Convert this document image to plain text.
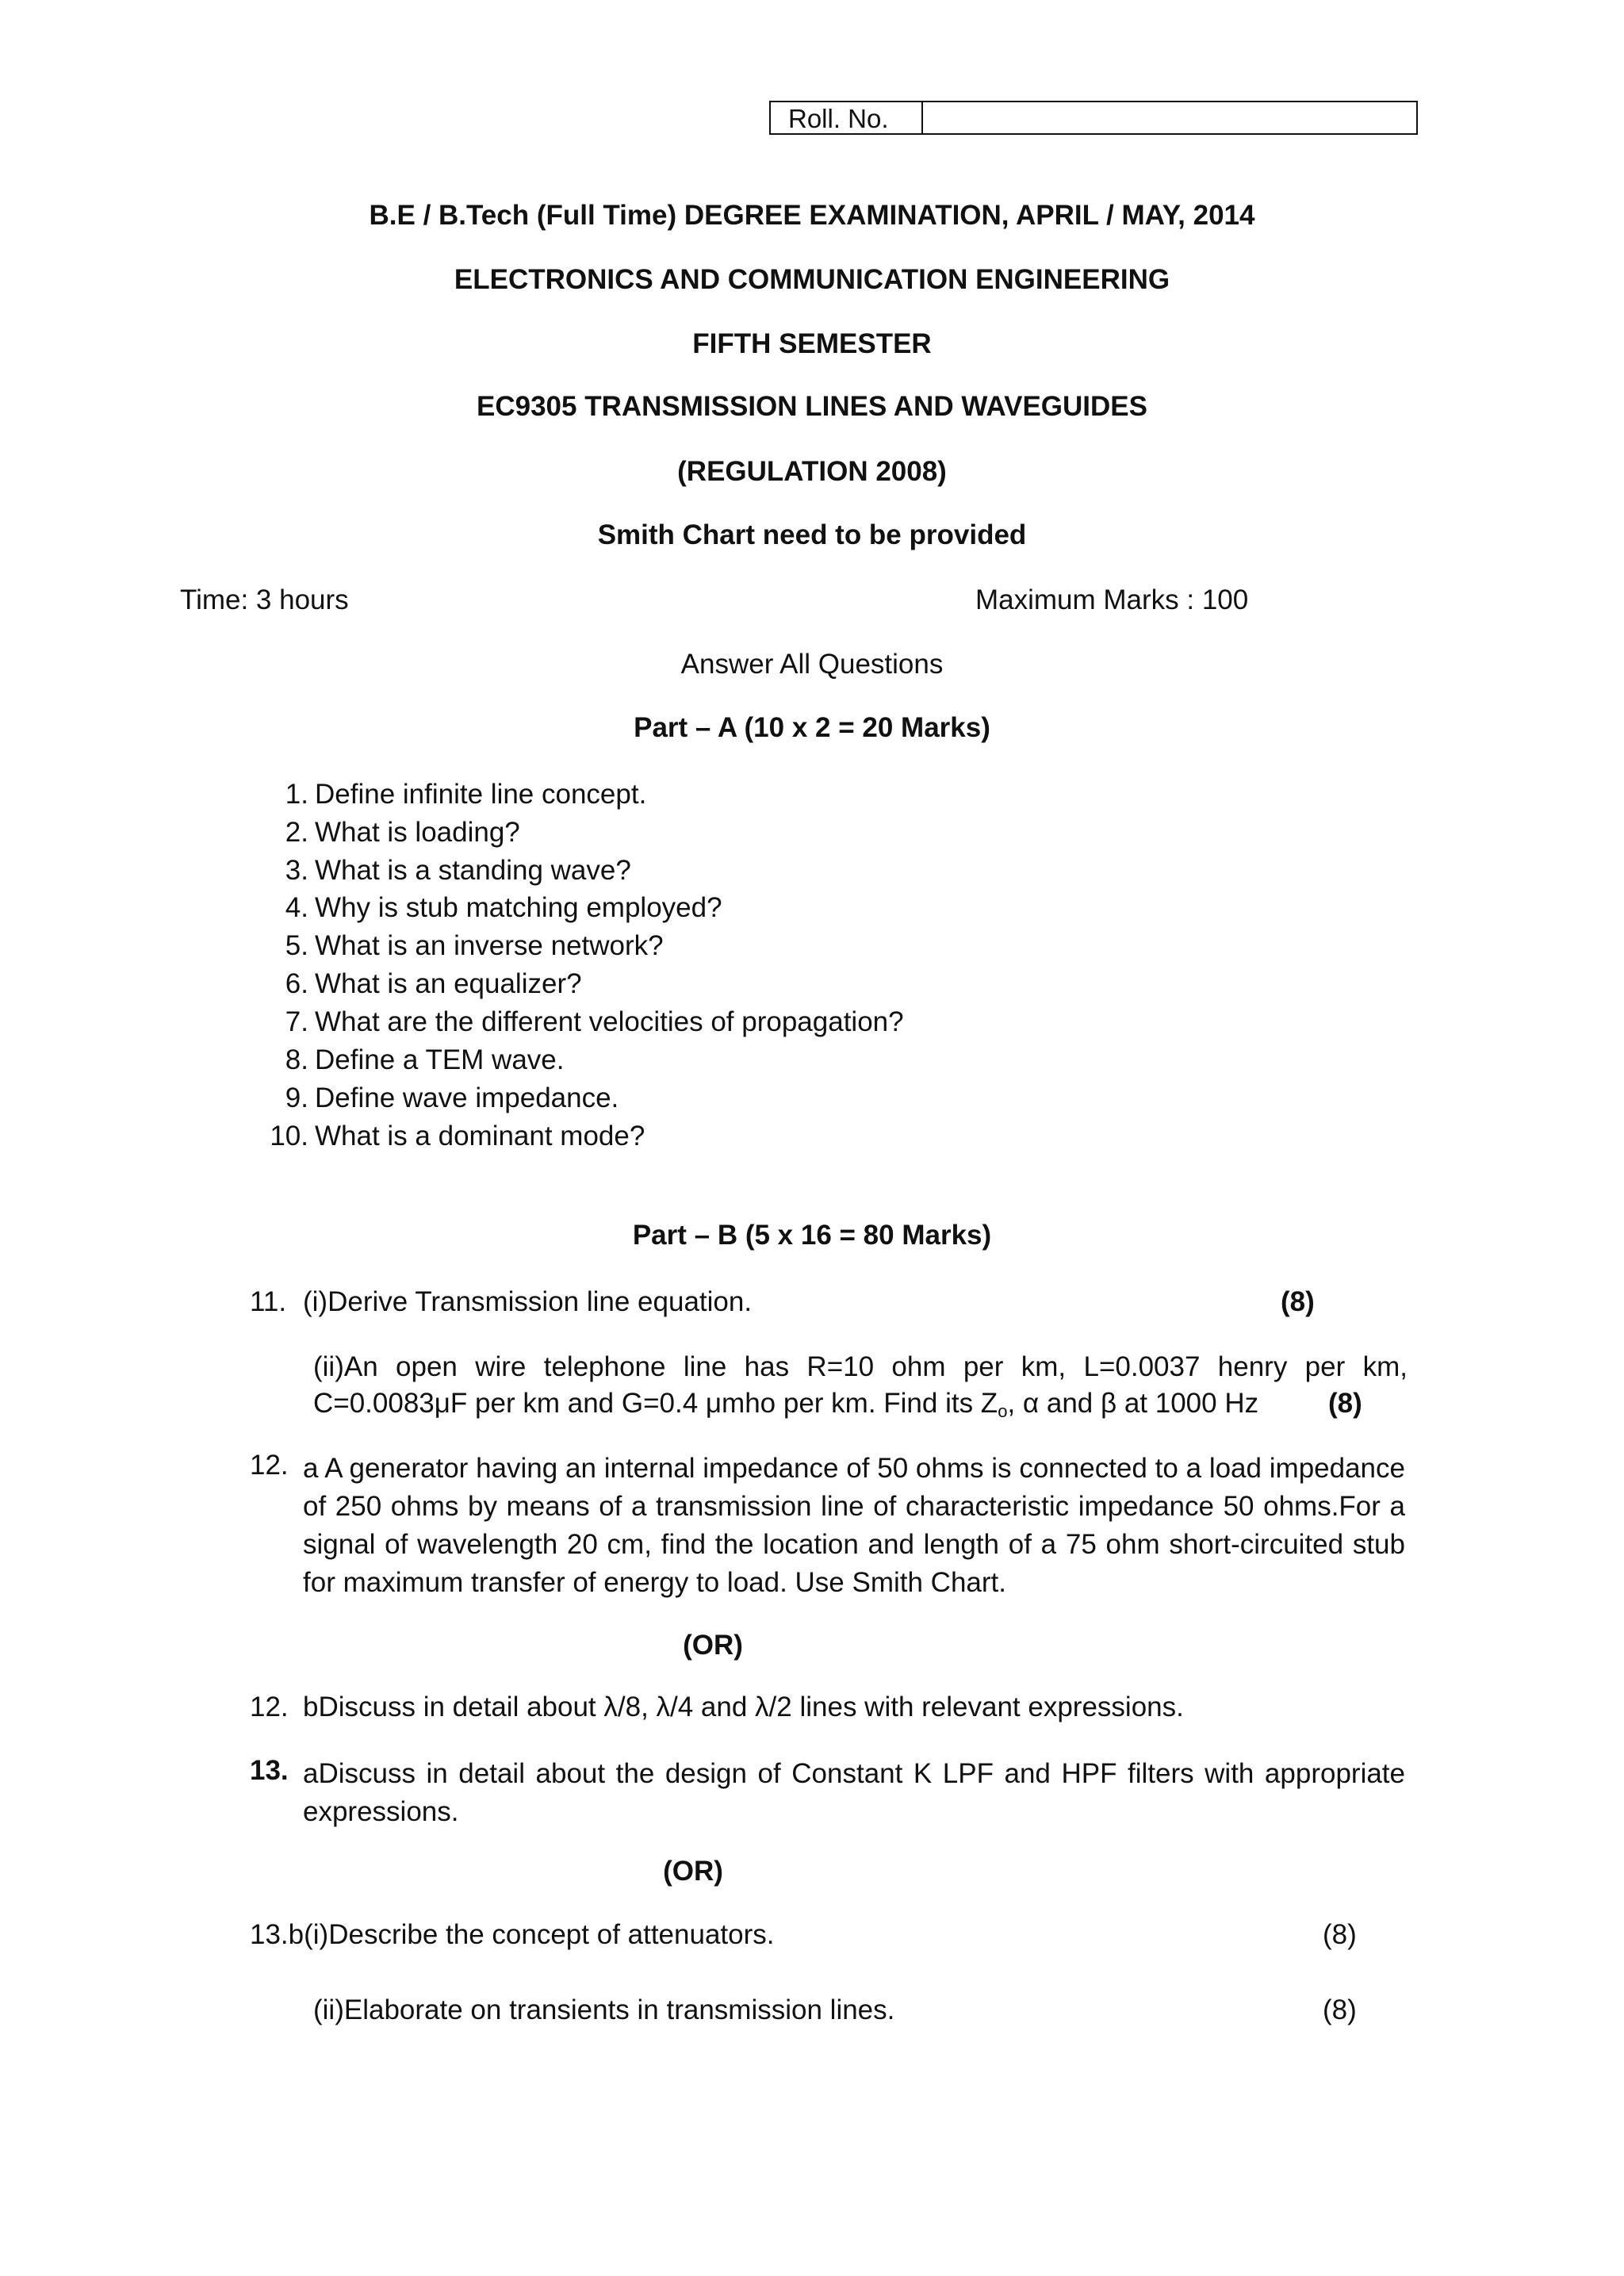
Roll. No.
B.E / B.Tech (Full Time) DEGREE EXAMINATION, APRIL / MAY, 2014
ELECTRONICS AND COMMUNICATION ENGINEERING
FIFTH SEMESTER
EC9305 TRANSMISSION LINES AND WAVEGUIDES
(REGULATION 2008)
Smith Chart need to be provided
Time: 3 hours	Maximum Marks : 100
Answer All Questions
Part – A (10 x 2 = 20 Marks)
1. Define infinite line concept.
2. What is loading?
3. What is a standing wave?
4. Why is stub matching employed?
5. What is an inverse network?
6. What is an equalizer?
7. What are the different velocities of propagation?
8. Define a TEM wave.
9. Define wave impedance.
10. What is a dominant mode?
Part – B (5 x 16 = 80 Marks)
11. (i)Derive Transmission line equation.	(8)
(ii)An open wire telephone line has R=10 ohm per km, L=0.0037 henry per km,
C=0.0083μF per km and G=0.4 μmho per km. Find its $Z_o$, α and β at 1000 Hz	(8)
12. a A generator having an internal impedance of 50 ohms is connected to a load impedance of 250 ohms by means of a transmission line of characteristic impedance 50 ohms.For a signal of wavelength 20 cm, find the location and length of a 75 ohm short-circuited stub for maximum transfer of energy to load. Use Smith Chart.
(OR)
12. bDiscuss in detail about λ/8, λ/4 and λ/2 lines with relevant expressions.
13. aDiscuss in detail about the design of Constant K LPF and HPF filters with appropriate expressions.
(OR)
13.b(i)Describe the concept of attenuators.	(8)
(ii)Elaborate on transients in transmission lines.	(8)
